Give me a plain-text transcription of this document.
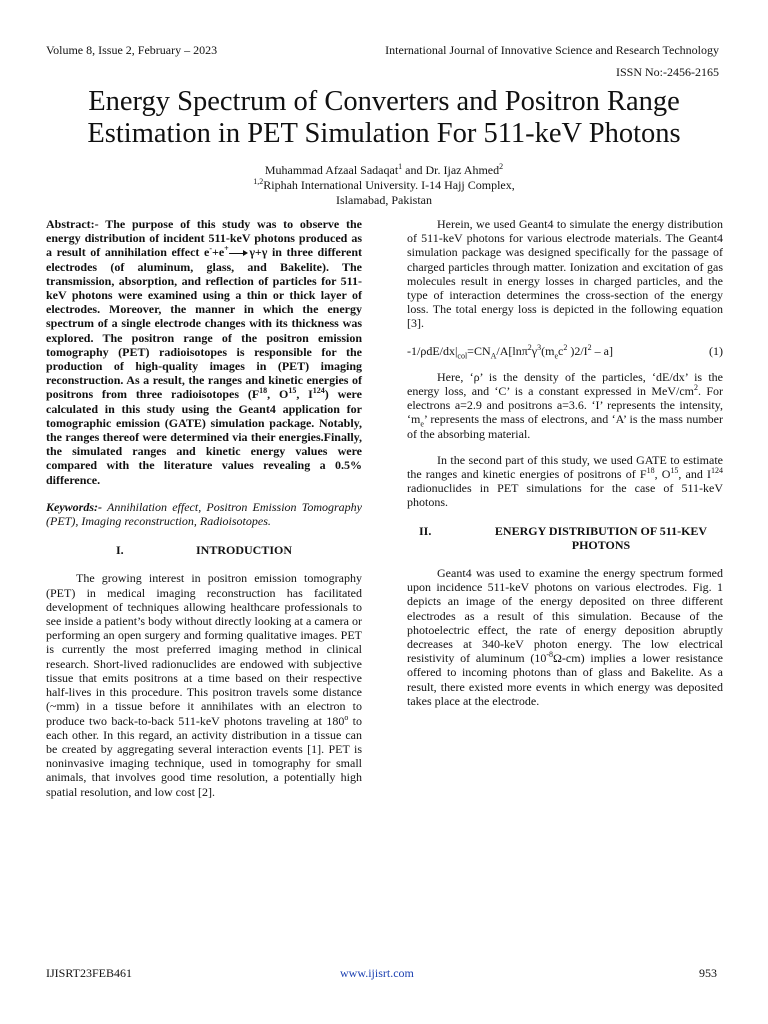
Volume 8, Issue 2, February – 2023	International Journal of Innovative Science and Research Technology
ISSN No:-2456-2165
Energy Spectrum of Converters and Positron Range
Estimation in PET Simulation For 511-keV Photons
Muhammad Afzaal Sadaqat$^1$ and Dr. Ijaz Ahmed$^2$
$^{1,2}$Riphah International University. I-14 Hajj Complex,
Islamabad, Pakistan

Abstract:- The purpose of this study was to observe the energy distribution of incident 511-keV photons produced as a result of annihilation effect e-+e+ → γ+γ in three different electrodes (of aluminum, glass, and Bakelite). The transmission, absorption, and reflection of particles for 511-keV photons were examined using a thin or thick layer of electrodes. Moreover, the manner in which the energy spectrum of a single electrode changes with its thickness was explored. The positron range of the positron emission tomography (PET) radioisotopes is responsible for the production of high-quality images in (PET) imaging reconstruction. As a result, the ranges and kinetic energies of positrons from three radioisotopes ($F^{18}$, $O^{15}$, $I^{124}$) were calculated in this study using the Geant4 application for tomographic emission (GATE) simulation package. Notably, the ranges thereof were determined via their energies.Finally, the simulated ranges and kinetic energy values were compared with the literature values revealing a 0.5% difference.

Keywords:- Annihilation effect, Positron Emission Tomography (PET), Imaging reconstruction, Radioisotopes.

I.	INTRODUCTION

The growing interest in positron emission tomography (PET) in medical imaging reconstruction has facilitated development of techniques allowing healthcare professionals to see inside a patient’s body without directly looking at a camera or performing an open surgery and forming qualitative images. PET is currently the most preferred imaging method in clinical research. Short-lived radionuclides are endowed with subjective tissue that emits positrons at a time based on their respective half-lives in this procedure. This positron travels some distance (~mm) in a tissue before it annihilates with an electron to produce two back-to-back 511-keV photons traveling at 180$^o$ to each other. In this regard, an activity distribution in a tissue can be created by aggregating several interaction events [1]. PET is noninvasive imaging technique, used in tomography for small animals, that involves good time resolution, a potentially high spatial resolution, and low cost [2].

Herein, we used Geant4 to simulate the energy distribution of 511-keV photons for various electrode materials. The Geant4 simulation package was designed specifically for the passage of charged particles through matter. Ionization and excitation of gas molecules result in energy losses in charged particles, and the type of interaction determines the cross-section of the energy loss. The total energy loss is depicted in the following equation [3].

$-1/\rho dE/dx|_{col}=CN_A/A[\ln\pi^2\gamma^3(m_ec^2$ )$2/I^2 - a$]	(1)

Here, ‘ρ’ is the density of the particles, ‘dE/dx’ is the energy loss, and ‘C’ is a constant expressed in MeV/$cm^2$. For electrons a=2.9 and positrons a=3.6. ‘I’ represents the intensity, ‘$m_e$’ represents the mass of electrons, and ‘A’ is the mass number of the absorbing material.

In the second part of this study, we used GATE to estimate the ranges and kinetic energies of positrons of $F^{18}$, $O^{15}$, and $I^{124}$ radionuclides in PET simulations for the case of 511-keV photons.

II.	ENERGY DISTRIBUTION OF 511-KEV PHOTONS

Geant4 was used to examine the energy spectrum formed upon incidence 511-keV photons on various electrodes. Fig. 1 depicts an image of the energy deposited on three different electrodes as a result of this simulation. Because of the photoelectric effect, the rate of energy deposition abruptly decreases at 340-keV photon energy. The low electrical resistivity of aluminum $(10^{-8}\Omega-cm)$ implies a lower resistance offered to incoming photons than of glass and Bakelite. As a result, there existed more events in which energy was deposited takes place at the electrode.

IJISRT23FEB461	www.ijisrt.com	953
